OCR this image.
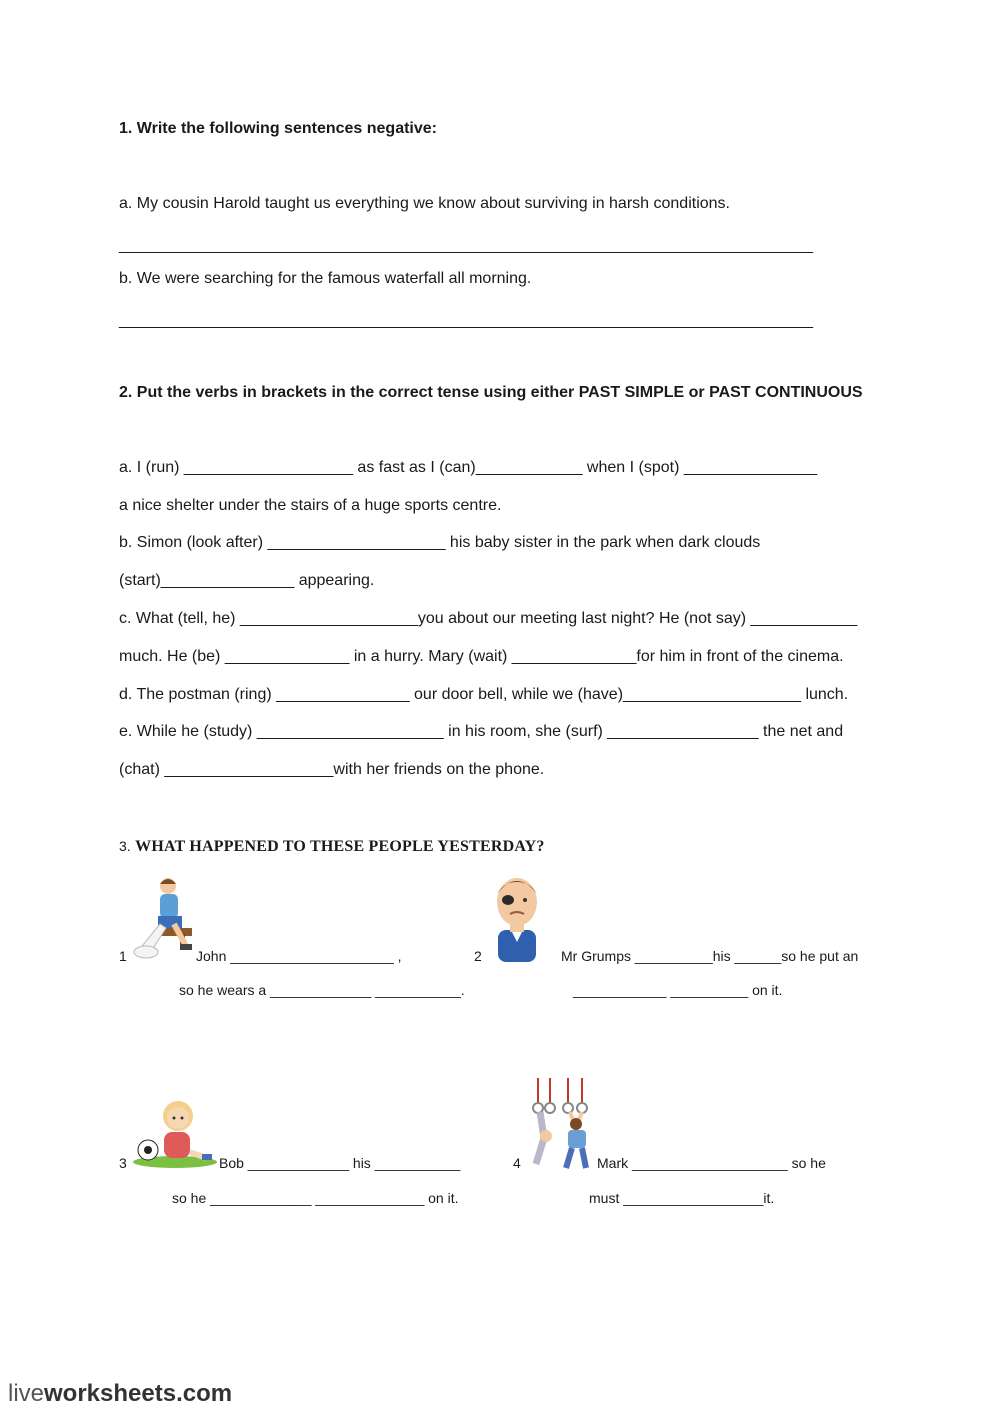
1. Write the following sentences negative:
a. My cousin Harold taught us everything we know about surviving in harsh conditions.
______________________________________________________________________________
b. We were searching for the famous waterfall all morning.
______________________________________________________________________________
2. Put the verbs in brackets in the correct tense using either PAST SIMPLE or PAST CONTINUOUS
a. I (run) ___________________ as fast as I (can)____________ when I (spot) _______________
a nice shelter under the stairs of a huge sports centre.
b. Simon (look after) ____________________ his baby sister in the park when dark clouds
(start)_______________ appearing.
c. What (tell, he) ____________________you about our meeting last night? He (not say) ____________
much. He (be) ______________ in a hurry. Mary (wait) ______________for him in front of the cinema.
d. The postman (ring) _______________ our door bell, while we (have)____________________ lunch.
e. While he (study) _____________________ in his room, she (surf) _________________ the net and
(chat) ___________________with her friends on the phone.
3. WHAT HAPPENED TO THESE PEOPLE YESTERDAY?
1	John _____________________ ,
so he wears a _____________ ___________.
2	Mr Grumps __________his ______so he put an
____________ __________ on it.
3	Bob _____________ his ___________
so he _____________ ______________ on it.
4	Mark ____________________ so he
must __________________it.
liveworksheets.com
